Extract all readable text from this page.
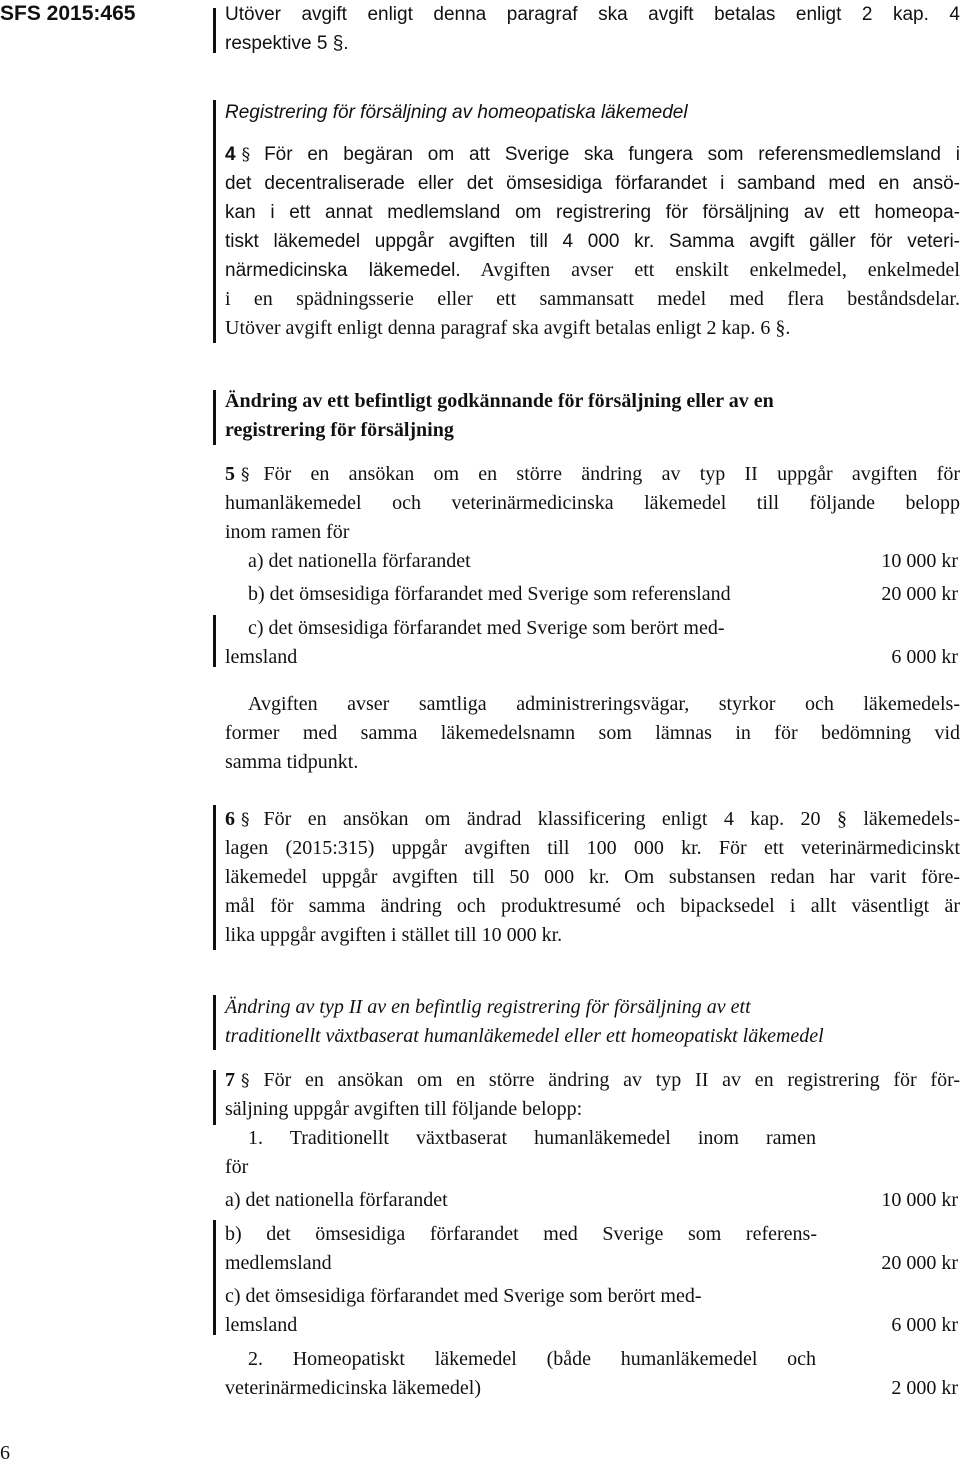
SFS 2015:465	Utöver avgift enligt denna paragraf ska avgift betalas enligt 2 kap. 4
respektive 5 §.
Registrering för försäljning av homeopatiska läkemedel
4 § För en begäran om att Sverige ska fungera som referensmedlemsland i
det decentraliserade eller det ömsesidiga förfarandet i samband med en ansö-
kan i ett annat medlemsland om registrering för försäljning av ett homeopa-
tiskt läkemedel uppgår avgiften till 4 000 kr. Samma avgift gäller för veteri-
närmedicinska läkemedel. Avgiften avser ett enskilt enkelmedel, enkelmedel
i en spädningsserie eller ett sammansatt medel med flera beståndsdelar.
Utöver avgift enligt denna paragraf ska avgift betalas enligt 2 kap. 6 §.
Ändring av ett befintligt godkännande för försäljning eller av en
registrering för försäljning
5 § För en ansökan om en större ändring av typ II uppgår avgiften för
humanläkemedel och veterinärmedicinska läkemedel till följande belopp
inom ramen för
a) det nationella förfarandet	10 000 kr
b) det ömsesidiga förfarandet med Sverige som referensland	20 000 kr
c) det ömsesidiga förfarandet med Sverige som berört med-
lemsland	6 000 kr
Avgiften avser samtliga administreringsvägar, styrkor och läkemedels-
former med samma läkemedelsnamn som lämnas in för bedömning vid
samma tidpunkt.
6 § För en ansökan om ändrad klassificering enligt 4 kap. 20 § läkemedels-
lagen (2015:315) uppgår avgiften till 100 000 kr. För ett veterinärmedicinskt
läkemedel uppgår avgiften till 50 000 kr. Om substansen redan har varit före-
mål för samma ändring och produktresumé och bipacksedel i allt väsentligt är
lika uppgår avgiften i stället till 10 000 kr.
Ändring av typ II av en befintlig registrering för försäljning av ett
traditionellt växtbaserat humanläkemedel eller ett homeopatiskt läkemedel
7 § För en ansökan om en större ändring av typ II av en registrering för för-
säljning uppgår avgiften till följande belopp:
1. Traditionellt växtbaserat humanläkemedel inom ramen
för
a) det nationella förfarandet	10 000 kr
b) det ömsesidiga förfarandet med Sverige som referens-
medlemsland	20 000 kr
c) det ömsesidiga förfarandet med Sverige som berört med-
lemsland	6 000 kr
2. Homeopatiskt läkemedel (både humanläkemedel och
veterinärmedicinska läkemedel)	2 000 kr
6
